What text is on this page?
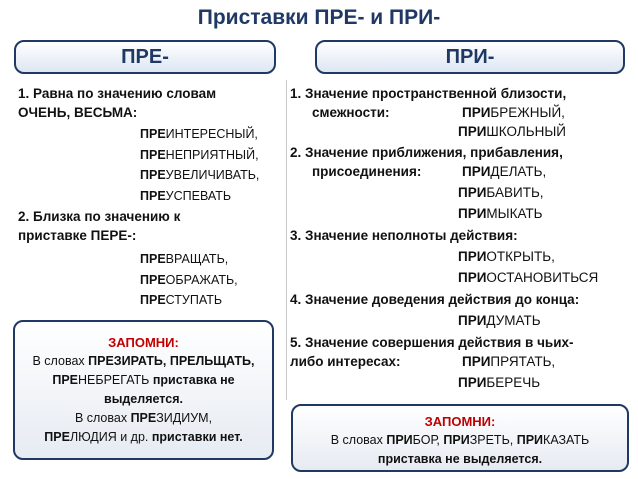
Приставки ПРЕ- и ПРИ-
ПРЕ-	ПРИ-
1. Равна по значению словам
ОЧЕНЬ, ВЕСЬМА:
ПРЕИНТЕРЕСНЫЙ,
ПРЕНЕПРИЯТНЫЙ,
ПРЕУВЕЛИЧИВАТЬ,
ПРЕУСПЕВАТЬ
2. Близка по значению к
приставке ПЕРЕ-:
ПРЕВРАЩАТЬ,
ПРЕОБРАЖАТЬ,
ПРЕСТУПАТЬ
ЗАПОМНИ:
В словах ПРЕЗИРАТЬ, ПРЕЛЬЩАТЬ,
ПРЕНЕБРЕГАТЬ приставка не
выделяется.
В словах ПРЕЗИДИУМ,
ПРЕЛЮДИЯ и др. приставки нет.
1. Значение пространственной близости,
смежности:	ПРИБРЕЖНЫЙ,
ПРИШКОЛЬНЫЙ
2. Значение приближения, прибавления,
присоединения:	ПРИДЕЛАТЬ,
ПРИБАВИТЬ,
ПРИМЫКАТЬ
3. Значение неполноты действия:
ПРИОТКРЫТЬ,
ПРИОСТАНОВИТЬСЯ
4. Значение доведения действия до конца:
ПРИДУМАТЬ
5. Значение совершения действия в чьих-
либо интересах:	ПРИПРЯТАТЬ,
ПРИБЕРЕЧЬ
ЗАПОМНИ:
В словах ПРИБОР, ПРИЗРЕТЬ, ПРИКАЗАТЬ
приставка не выделяется.
